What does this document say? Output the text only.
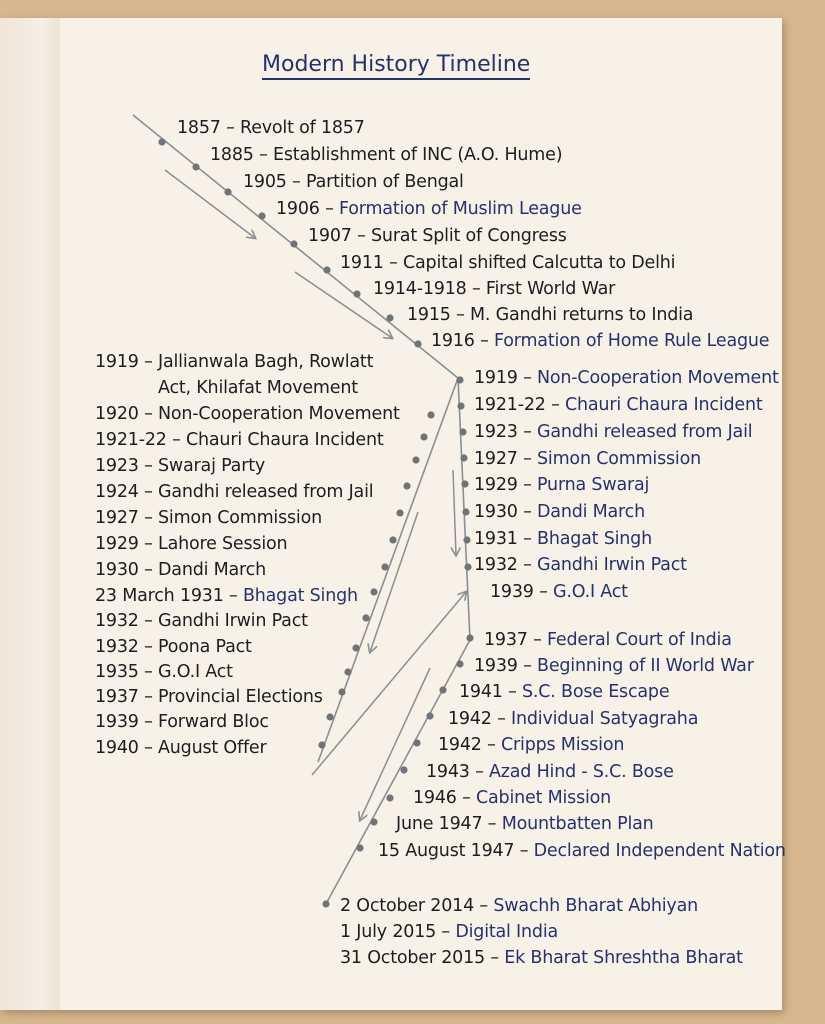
Modern History Timeline
1857 – Revolt of 1857
1885 – Establishment of INC (A.O. Hume)
1905 – Partition of Bengal
1906 – Formation of Muslim League
1907 – Surat Split of Congress
1911 – Capital shifted Calcutta to Delhi
1914-1918 – First World War
1915 – M. Gandhi returns to India
1916 – Formation of Home Rule League
1919 – Jallianwala Bagh, Rowlatt
Act, Khilafat Movement
1920 – Non-Cooperation Movement
1921-22 – Chauri Chaura Incident
1923 – Swaraj Party
1924 – Gandhi released from Jail
1927 – Simon Commission
1929 – Lahore Session
1930 – Dandi March
23 March 1931 – Bhagat Singh
1932 – Gandhi Irwin Pact
1932 – Poona Pact
1935 – G.O.I Act
1937 – Provincial Elections
1939 – Forward Bloc
1940 – August Offer
1919 – Non-Cooperation Movement
1921-22 – Chauri Chaura Incident
1923 – Gandhi released from Jail
1927 – Simon Commission
1929 – Purna Swaraj
1930 – Dandi March
1931 – Bhagat Singh
1932 – Gandhi Irwin Pact
1939 – G.O.I Act
1937 – Federal Court of India
1939 – Beginning of II World War
1941 – S.C. Bose Escape
1942 – Individual Satyagraha
1942 – Cripps Mission
1943 – Azad Hind - S.C. Bose
1946 – Cabinet Mission
June 1947 – Mountbatten Plan
15 August 1947 – Declared Independent Nation
2 October 2014 – Swachh Bharat Abhiyan
1 July 2015 – Digital India
31 October 2015 – Ek Bharat Shreshtha Bharat
